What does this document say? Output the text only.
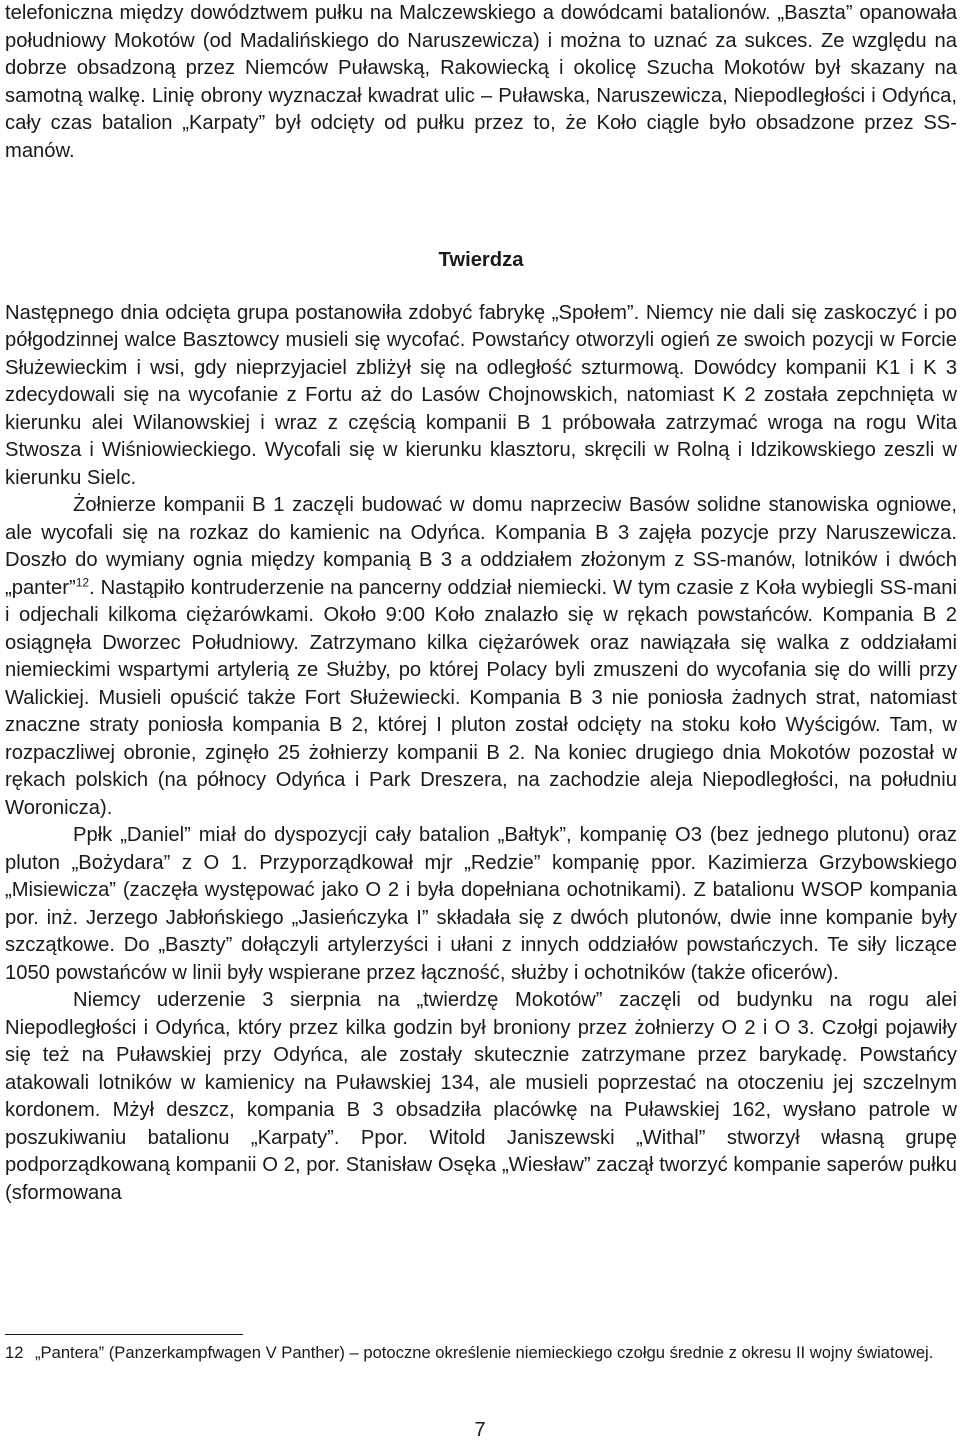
telefoniczna między dowództwem pułku na Malczewskiego a dowódcami batalionów. „Baszta” opanowała południowy Mokotów (od Madalińskiego do Naruszewicza) i można to uznać za sukces. Ze względu na dobrze obsadzoną przez Niemców Puławską, Rakowiecką i okolicę Szucha Mokotów był skazany na samotną walkę. Linię obrony wyznaczał kwadrat ulic – Puławska, Naruszewicza, Niepodległości i Odyńca, cały czas batalion „Karpaty” był odcięty od pułku przez to, że Koło ciągle było obsadzone przez SS-manów.

Twierdza

Następnego dnia odcięta grupa postanowiła zdobyć fabrykę „Społem”. Niemcy nie dali się zaskoczyć i po półgodzinnej walce Basztowcy musieli się wycofać. Powstańcy otworzyli ogień ze swoich pozycji w Forcie Służewieckim i wsi, gdy nieprzyjaciel zbliżył się na odległość szturmową. Dowódcy kompanii K1 i K 3 zdecydowali się na wycofanie z Fortu aż do Lasów Chojnowskich, natomiast K 2 została zepchnięta w kierunku alei Wilanowskiej i wraz z częścią kompanii B 1 próbowała zatrzymać wroga na rogu Wita Stwosza i Wiśniowieckiego. Wycofali się w kierunku klasztoru, skręcili w Rolną i Idzikowskiego zeszli w kierunku Sielc.

Żołnierze kompanii B 1 zaczęli budować w domu naprzeciw Basów solidne stanowiska ogniowe, ale wycofali się na rozkaz do kamienic na Odyńca. Kompania B 3 zajęła pozycje przy Naruszewicza. Doszło do wymiany ognia między kompanią B 3 a oddziałem złożonym z SS-manów, lotników i dwóch „panter”$^{12}$. Nastąpiło kontruderzenie na pancerny oddział niemiecki. W tym czasie z Koła wybiegli SS-mani i odjechali kilkoma ciężarówkami. Około 9:00 Koło znalazło się w rękach powstańców. Kompania B 2 osiągnęła Dworzec Południowy. Zatrzymano kilka ciężarówek oraz nawiązała się walka z oddziałami niemieckimi wspartymi artylerią ze Służby, po której Polacy byli zmuszeni do wycofania się do willi przy Walickiej. Musieli opuścić także Fort Służewiecki. Kompania B 3 nie poniosła żadnych strat, natomiast znaczne straty poniosła kompania B 2, której I pluton został odcięty na stoku koło Wyścigów. Tam, w rozpaczliwej obronie, zginęło 25 żołnierzy kompanii B 2. Na koniec drugiego dnia Mokotów pozostał w rękach polskich (na północy Odyńca i Park Dreszera, na zachodzie aleja Niepodległości, na południu Woronicza).

Ppłk „Daniel” miał do dyspozycji cały batalion „Bałtyk”, kompanię O3 (bez jednego plutonu) oraz pluton „Bożydara” z O 1. Przyporządkował mjr „Redzie” kompanię ppor. Kazimierza Grzybowskiego „Misiewicza” (zaczęła występować jako O 2 i była dopełniana ochotnikami). Z batalionu WSOP kompania por. inż. Jerzego Jabłońskiego „Jasieńczyka I” składała się z dwóch plutonów, dwie inne kompanie były szczątkowe. Do „Baszty” dołączyli artylerzyści i ułani z innych oddziałów powstańczych. Te siły liczące 1050 powstańców w linii były wspierane przez łączność, służby i ochotników (także oficerów).

Niemcy uderzenie 3 sierpnia na „twierdzę Mokotów” zaczęli od budynku na rogu alei Niepodległości i Odyńca, który przez kilka godzin był broniony przez żołnierzy O 2 i O 3. Czołgi pojawiły się też na Puławskiej przy Odyńca, ale zostały skutecznie zatrzymane przez barykadę. Powstańcy atakowali lotników w kamienicy na Puławskiej 134, ale musieli poprzestać na otoczeniu jej szczelnym kordonem. Mżył deszcz, kompania B 3 obsadziła placówkę na Puławskiej 162, wysłano patrole w poszukiwaniu batalionu „Karpaty”. Ppor. Witold Janiszewski „Withal” stworzył własną grupę podporządkowaną kompanii O 2, por. Stanisław Osęka „Wiesław” zaczął tworzyć kompanie saperów pułku (sformowana

12 „Pantera” (Panzerkampfwagen V Panther) – potoczne określenie niemieckiego czołgu średnie z okresu II wojny światowej.
7
